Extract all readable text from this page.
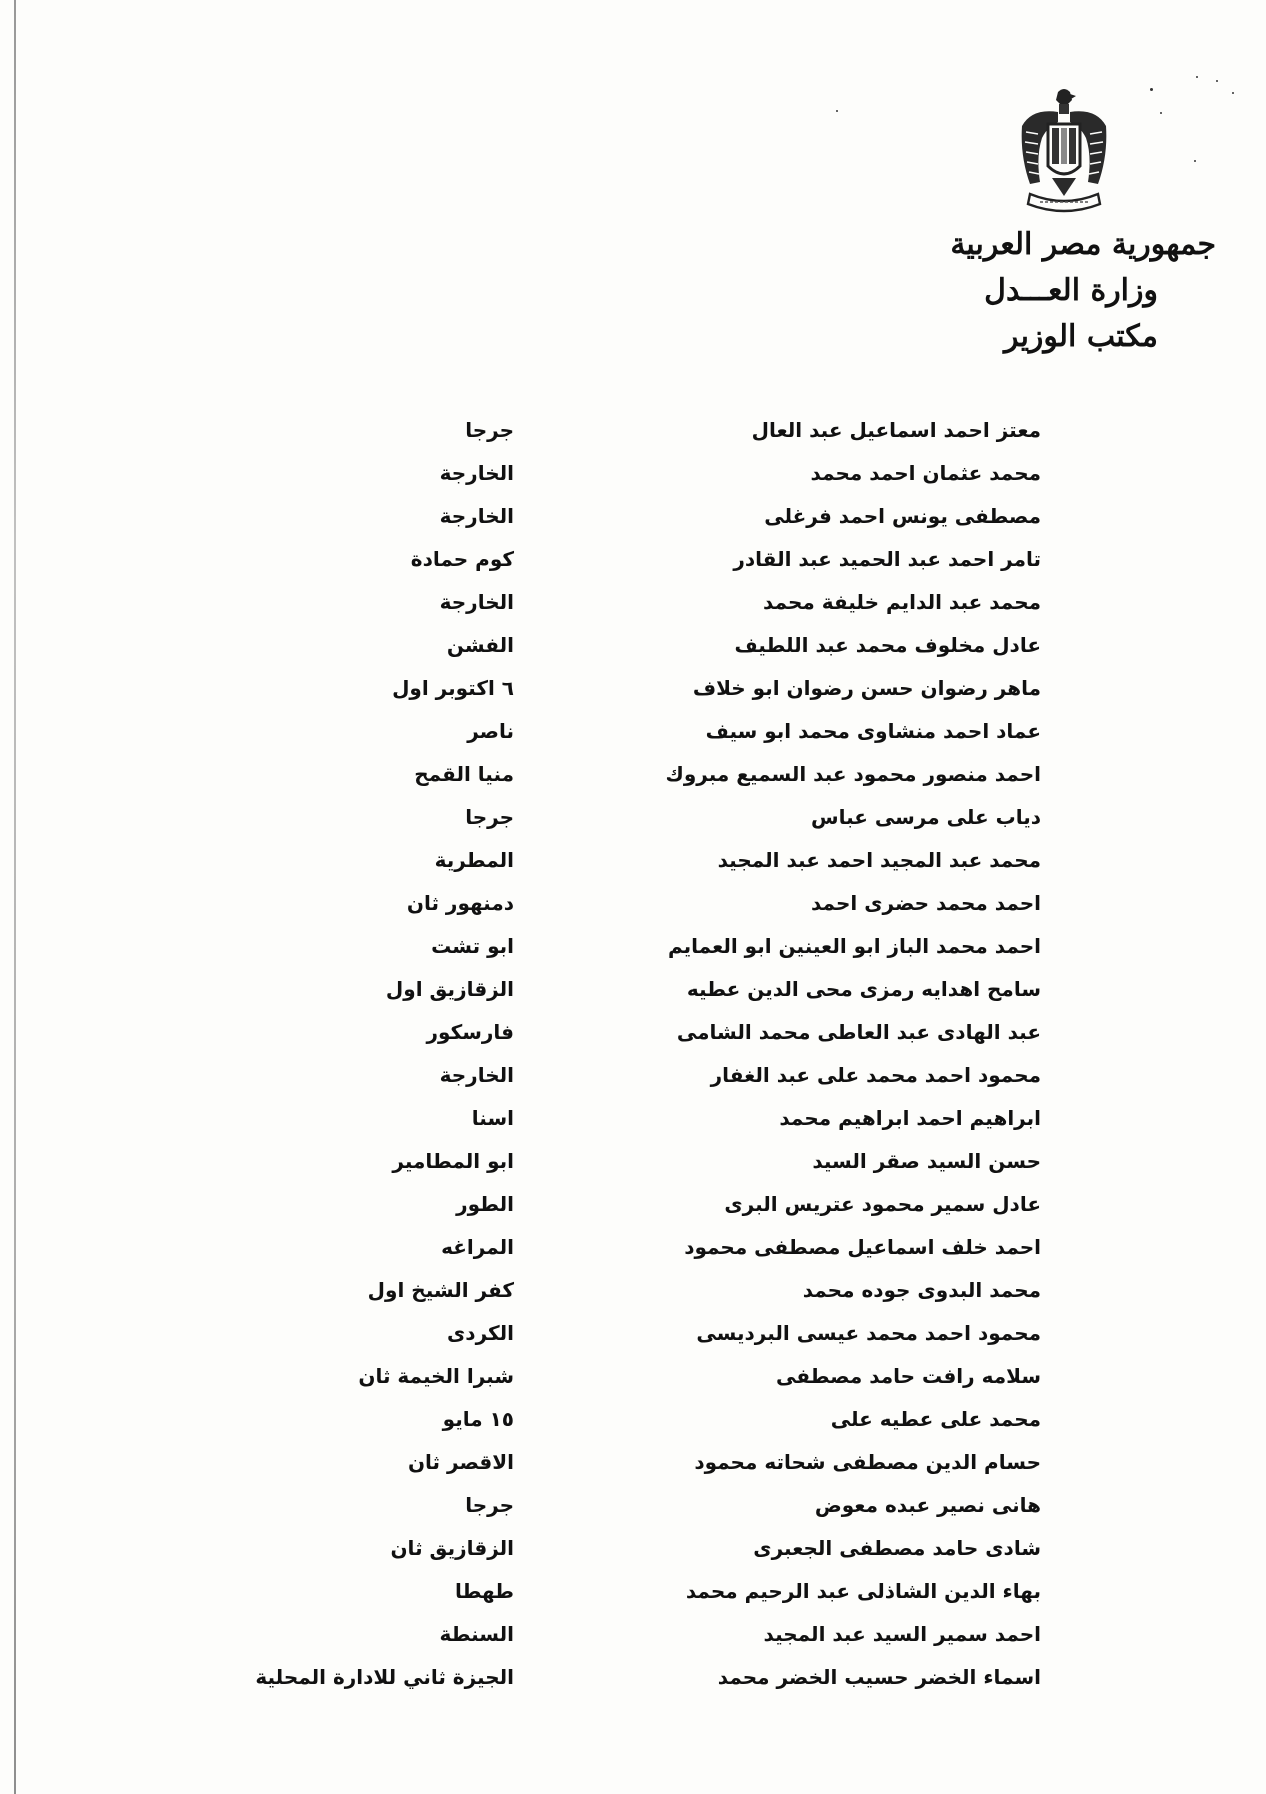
جمهورية مصر العربية
وزارة العـــدل
مكتب الوزير
معتز احمد اسماعيل عبد العال
جرجا
محمد عثمان احمد محمد
الخارجة
مصطفى يونس احمد فرغلى
الخارجة
تامر احمد عبد الحميد عبد القادر
كوم حمادة
محمد عبد الدايم خليفة محمد
الخارجة
عادل مخلوف محمد عبد اللطيف
الفشن
ماهر رضوان حسن رضوان ابو خلاف
٦ اكتوبر اول
عماد احمد منشاوى محمد ابو سيف
ناصر
احمد منصور محمود عبد السميع مبروك
منيا القمح
دياب على مرسى عباس
جرجا
محمد عبد المجيد احمد عبد المجيد
المطرية
احمد محمد حضرى احمد
دمنهور ثان
احمد محمد الباز ابو العينين ابو العمايم
ابو تشت
سامح اهدايه رمزى محى الدين عطيه
الزقازيق اول
عبد الهادى عبد العاطى محمد الشامى
فارسكور
محمود احمد محمد على عبد الغفار
الخارجة
ابراهيم احمد ابراهيم محمد
اسنا
حسن السيد صقر السيد
ابو المطامير
عادل سمير محمود عتريس البرى
الطور
احمد خلف اسماعيل مصطفى محمود
المراغه
محمد البدوى جوده محمد
كفر الشيخ اول
محمود احمد محمد عيسى البرديسى
الكردى
سلامه رافت حامد مصطفى
شبرا الخيمة ثان
محمد على عطيه على
١٥ مايو
حسام الدين مصطفى شحاته محمود
الاقصر ثان
هانى نصير عبده معوض
جرجا
شادى حامد مصطفى الجعبرى
الزقازيق ثان
بهاء الدين الشاذلى عبد الرحيم محمد
طهطا
احمد سمير السيد عبد المجيد
السنطة
اسماء الخضر حسيب الخضر محمد
الجيزة ثاني للادارة المحلية
